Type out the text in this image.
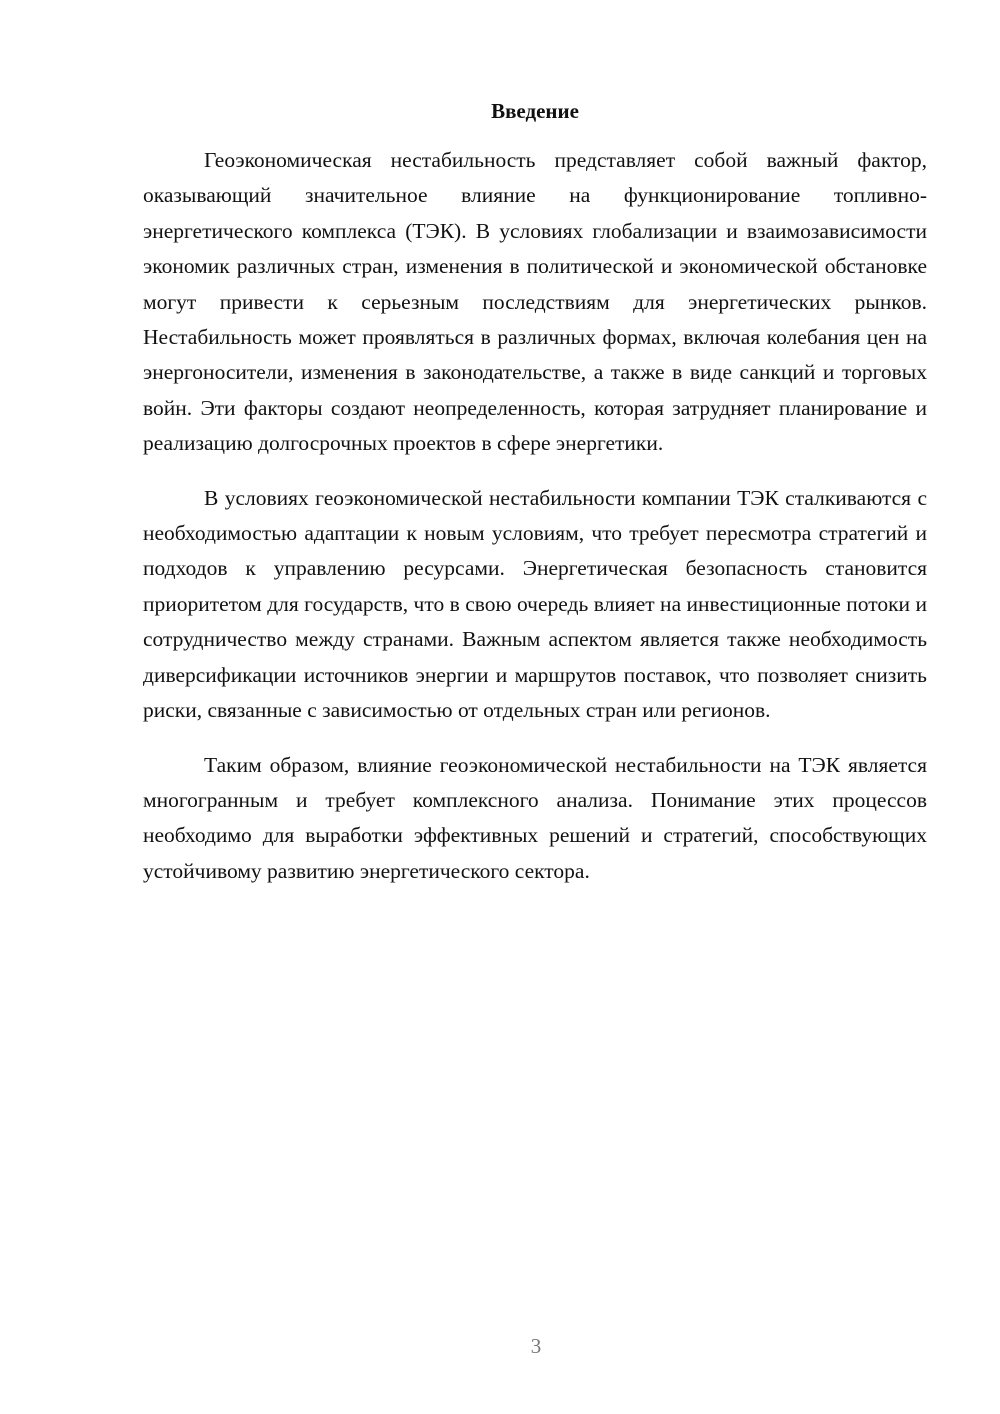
Введение

Геоэкономическая нестабильность представляет собой важный фактор, оказывающий значительное влияние на функционирование топливно-энергетического комплекса (ТЭК). В условиях глобализации и взаимозависимости экономик различных стран, изменения в политической и экономической обстановке могут привести к серьезным последствиям для энергетических рынков. Нестабильность может проявляться в различных формах, включая колебания цен на энергоносители, изменения в законодательстве, а также в виде санкций и торговых войн. Эти факторы создают неопределенность, которая затрудняет планирование и реализацию долгосрочных проектов в сфере энергетики.

В условиях геоэкономической нестабильности компании ТЭК сталкиваются с необходимостью адаптации к новым условиям, что требует пересмотра стратегий и подходов к управлению ресурсами. Энергетическая безопасность становится приоритетом для государств, что в свою очередь влияет на инвестиционные потоки и сотрудничество между странами. Важным аспектом является также необходимость диверсификации источников энергии и маршрутов поставок, что позволяет снизить риски, связанные с зависимостью от отдельных стран или регионов.

Таким образом, влияние геоэкономической нестабильности на ТЭК является многогранным и требует комплексного анализа. Понимание этих процессов необходимо для выработки эффективных решений и стратегий, способствующих устойчивому развитию энергетического сектора.

3
